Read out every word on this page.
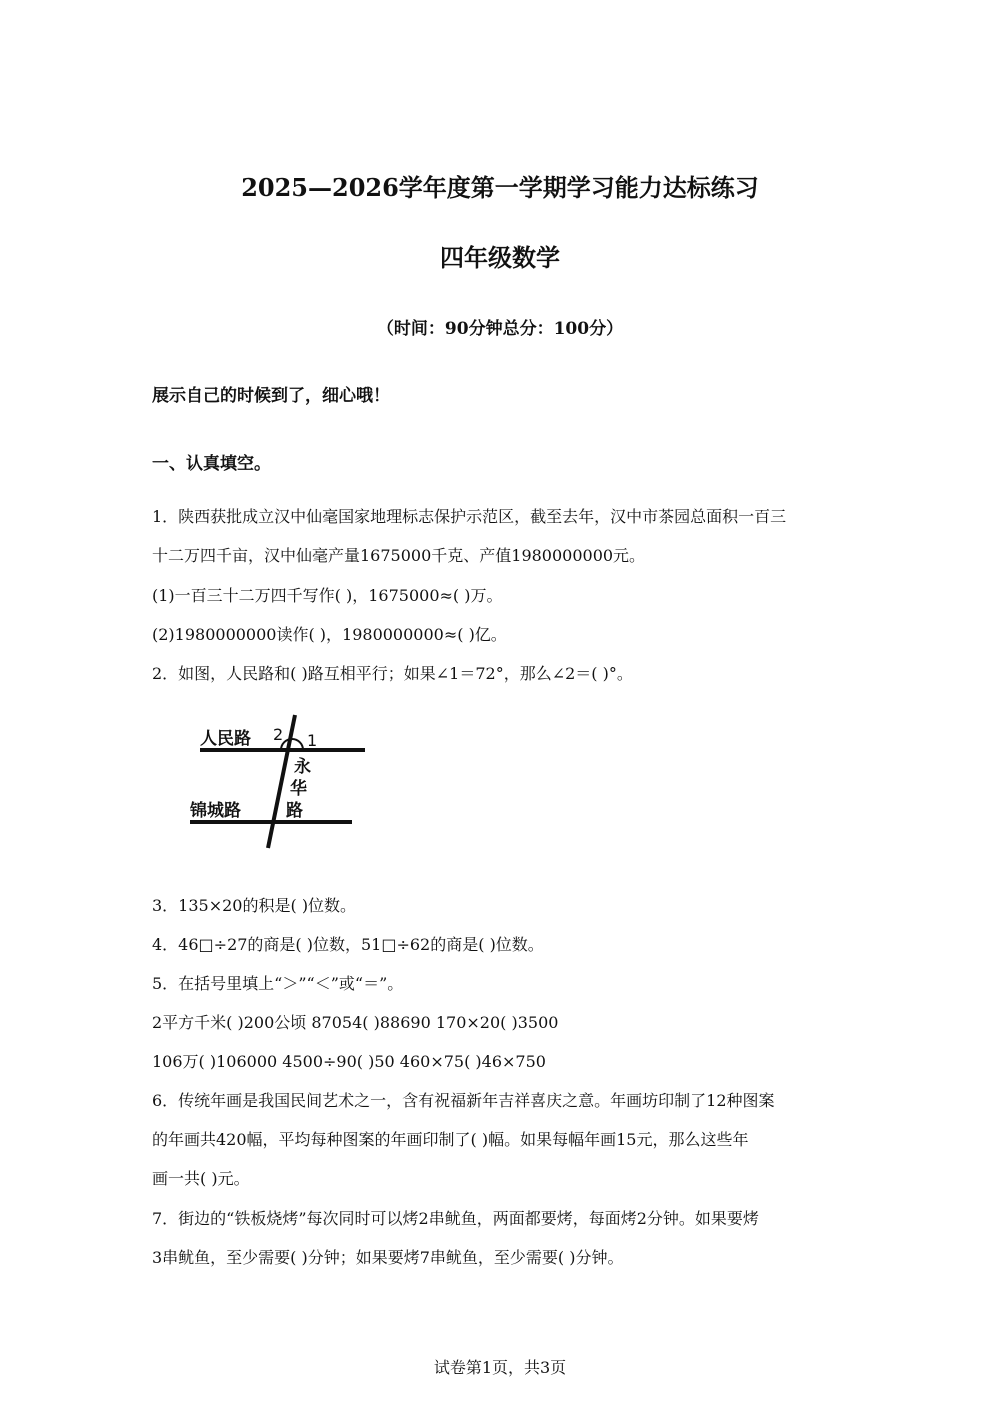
2025—2026学年度第一学期学习能力达标练习
四年级数学
（时间：90分钟总分：100分）
展示自己的时候到了，细心哦！
一、认真填空。
1．陕西获批成立汉中仙毫国家地理标志保护示范区，截至去年，汉中市茶园总面积一百三
十二万四千亩，汉中仙毫产量1675000千克、产值1980000000元。
(1)一百三十二万四千写作( )，1675000≈( )万。
(2)1980000000读作( )，1980000000≈( )亿。
2．如图，人民路和( )路互相平行；如果∠1＝72°，那么∠2＝( )°。
人民路
锦城路
永
华
路
2 1
3．135×20的积是( )位数。
4．46□÷27的商是( )位数，51□÷62的商是( )位数。
5．在括号里填上“＞”“＜”或“＝”。
2平方千米( )200公顷 87054( )88690 170×20( )3500
106万( )106000 4500÷90( )50 460×75( )46×750
6．传统年画是我国民间艺术之一，含有祝福新年吉祥喜庆之意。年画坊印制了12种图案
的年画共420幅，平均每种图案的年画印制了( )幅。如果每幅年画15元，那么这些年
画一共( )元。
7．街边的“铁板烧烤”每次同时可以烤2串鱿鱼，两面都要烤，每面烤2分钟。如果要烤
3串鱿鱼，至少需要( )分钟；如果要烤7串鱿鱼，至少需要( )分钟。
试卷第1页，共3页
